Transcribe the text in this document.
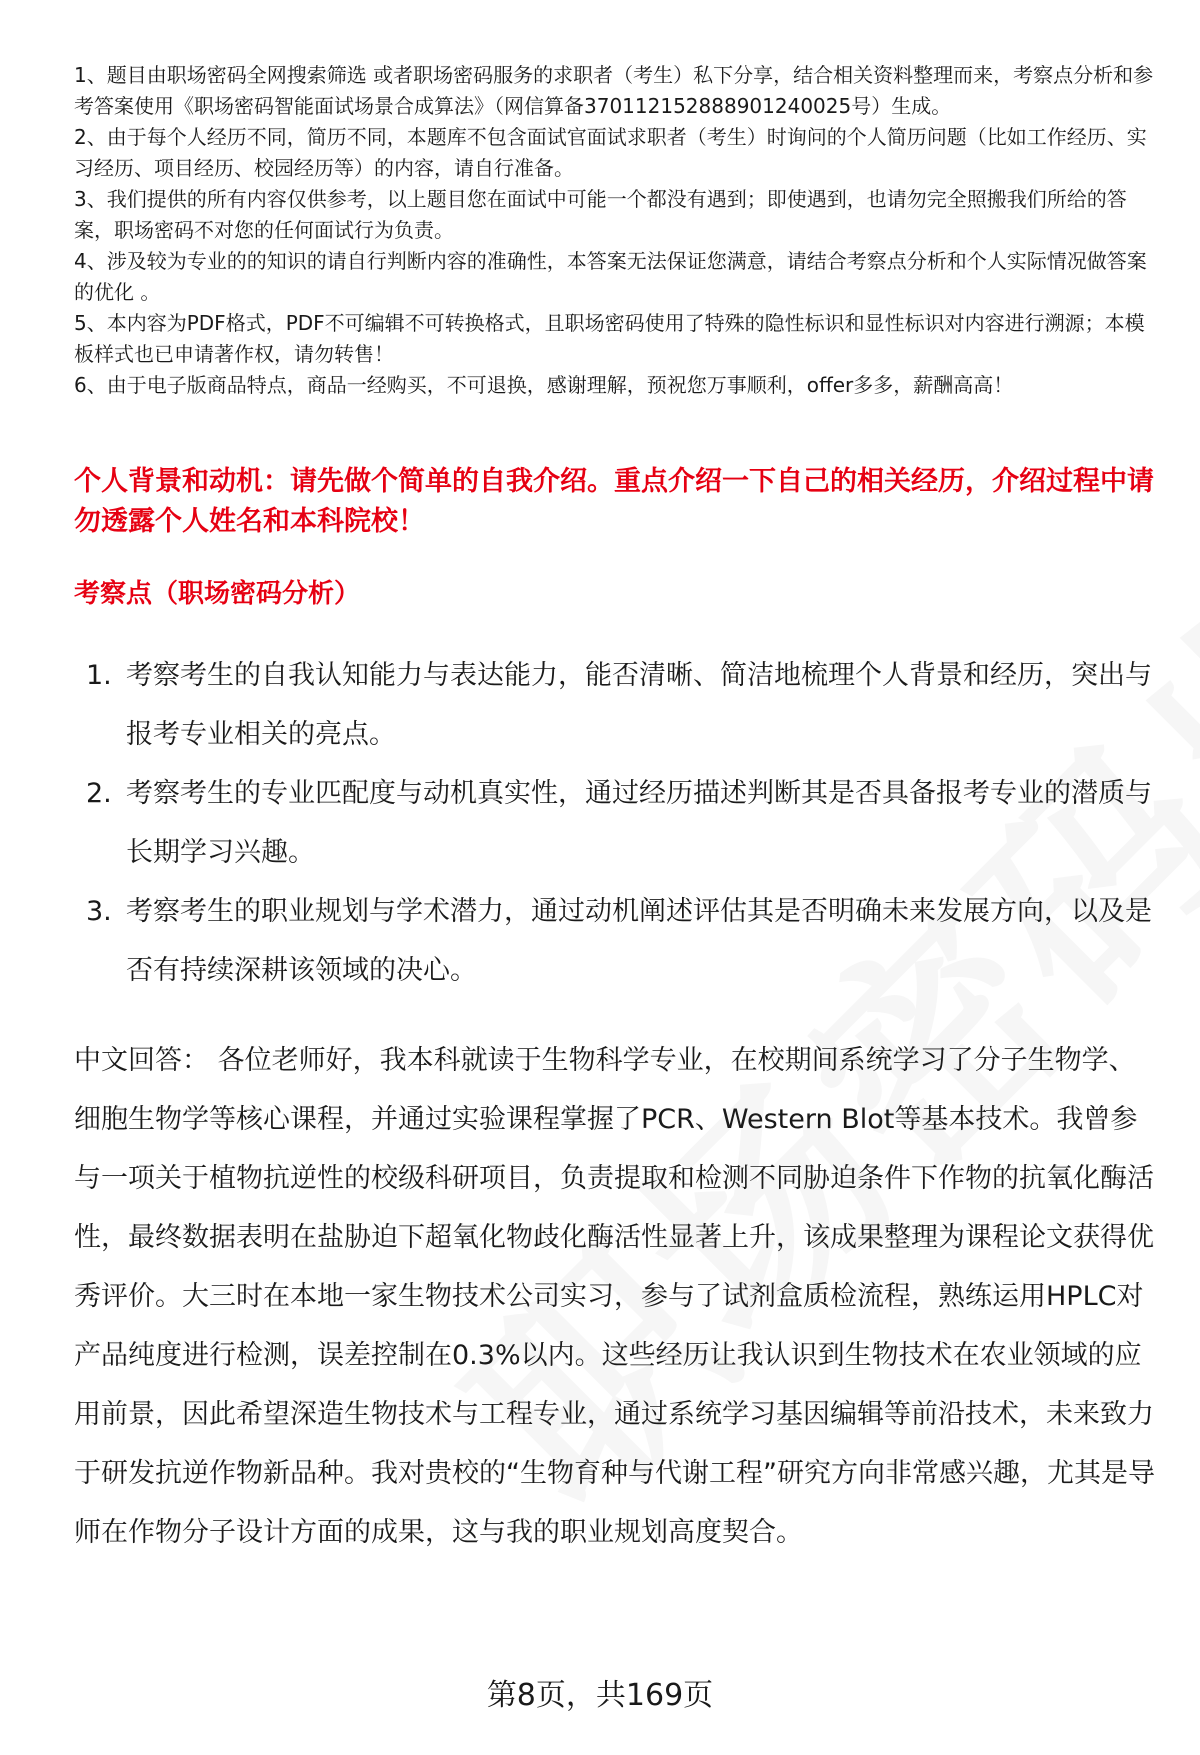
1、题目由职场密码全网搜索筛选 或者职场密码服务的求职者（考生）私下分享，结合相关资料整理而来，考察点分析和参考答案使用《职场密码智能面试场景合成算法》（网信算备370112152888901240025号）生成。
2、由于每个人经历不同，简历不同，本题库不包含面试官面试求职者（考生）时询问的个人简历问题（比如工作经历、实习经历、项目经历、校园经历等）的内容，请自行准备。
3、我们提供的所有内容仅供参考，以上题目您在面试中可能一个都没有遇到；即使遇到，也请勿完全照搬我们所给的答案，职场密码不对您的任何面试行为负责。
4、涉及较为专业的的知识的请自行判断内容的准确性，本答案无法保证您满意，请结合考察点分析和个人实际情况做答案的优化 。
5、本内容为PDF格式，PDF不可编辑不可转换格式，且职场密码使用了特殊的隐性标识和显性标识对内容进行溯源；本模板样式也已申请著作权，请勿转售！
6、由于电子版商品特点，商品一经购买，不可退换，感谢理解，预祝您万事顺利，offer多多，薪酬高高！

个人背景和动机：请先做个简单的自我介绍。重点介绍一下自己的相关经历，介绍过程中请勿透露个人姓名和本科院校！

考察点（职场密码分析）

1. 考察考生的自我认知能力与表达能力，能否清晰、简洁地梳理个人背景和经历，突出与报考专业相关的亮点。
2. 考察考生的专业匹配度与动机真实性，通过经历描述判断其是否具备报考专业的潜质与长期学习兴趣。
3. 考察考生的职业规划与学术潜力，通过动机阐述评估其是否明确未来发展方向，以及是否有持续深耕该领域的决心。

中文回答： 各位老师好，我本科就读于生物科学专业，在校期间系统学习了分子生物学、细胞生物学等核心课程，并通过实验课程掌握了PCR、Western Blot等基本技术。我曾参与一项关于植物抗逆性的校级科研项目，负责提取和检测不同胁迫条件下作物的抗氧化酶活性，最终数据表明在盐胁迫下超氧化物歧化酶活性显著上升，该成果整理为课程论文获得优秀评价。大三时在本地一家生物技术公司实习，参与了试剂盒质检流程，熟练运用HPLC对产品纯度进行检测，误差控制在0.3%以内。这些经历让我认识到生物技术在农业领域的应用前景，因此希望深造生物技术与工程专业，通过系统学习基因编辑等前沿技术，未来致力于研发抗逆作物新品种。我对贵校的“生物育种与代谢工程”研究方向非常感兴趣，尤其是导师在作物分子设计方面的成果，这与我的职业规划高度契合。

第8页，共169页
